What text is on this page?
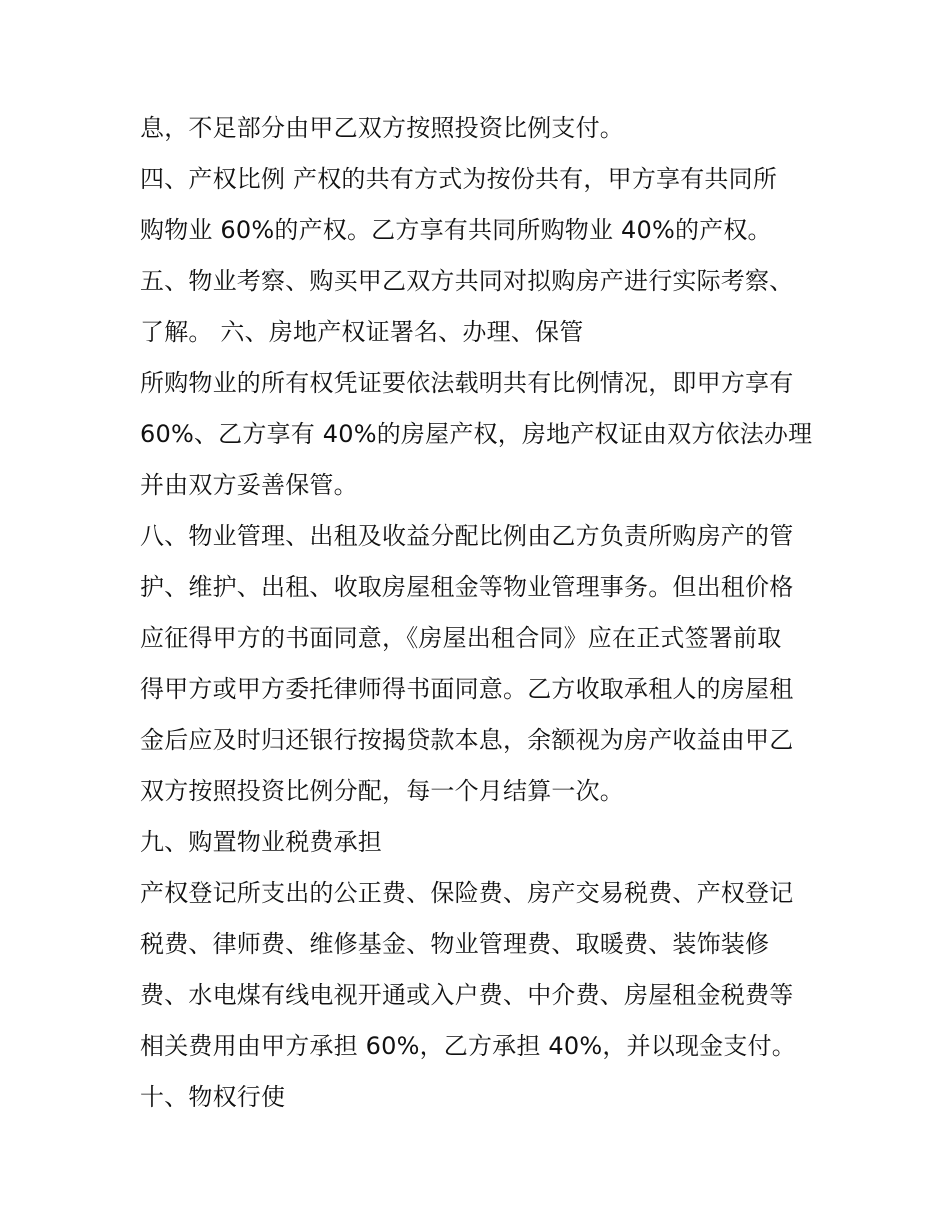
息，不足部分由甲乙双方按照投资比例支付。
四、产权比例 产权的共有方式为按份共有，甲方享有共同所
购物业 60%的产权。乙方享有共同所购物业 40%的产权。
五、物业考察、购买甲乙双方共同对拟购房产进行实际考察、
了解。 六、房地产权证署名、办理、保管
所购物业的所有权凭证要依法载明共有比例情况，即甲方享有
60%、乙方享有 40%的房屋产权，房地产权证由双方依法办理
并由双方妥善保管。
八、物业管理、出租及收益分配比例由乙方负责所购房产的管
护、维护、出租、收取房屋租金等物业管理事务。但出租价格
应征得甲方的书面同意，《房屋出租合同》应在正式签署前取
得甲方或甲方委托律师得书面同意。乙方收取承租人的房屋租
金后应及时归还银行按揭贷款本息，余额视为房产收益由甲乙
双方按照投资比例分配，每一个月结算一次。
九、购置物业税费承担
产权登记所支出的公正费、保险费、房产交易税费、产权登记
税费、律师费、维修基金、物业管理费、取暖费、装饰装修
费、水电煤有线电视开通或入户费、中介费、房屋租金税费等
相关费用由甲方承担 60%，乙方承担 40%，并以现金支付。
十、物权行使
